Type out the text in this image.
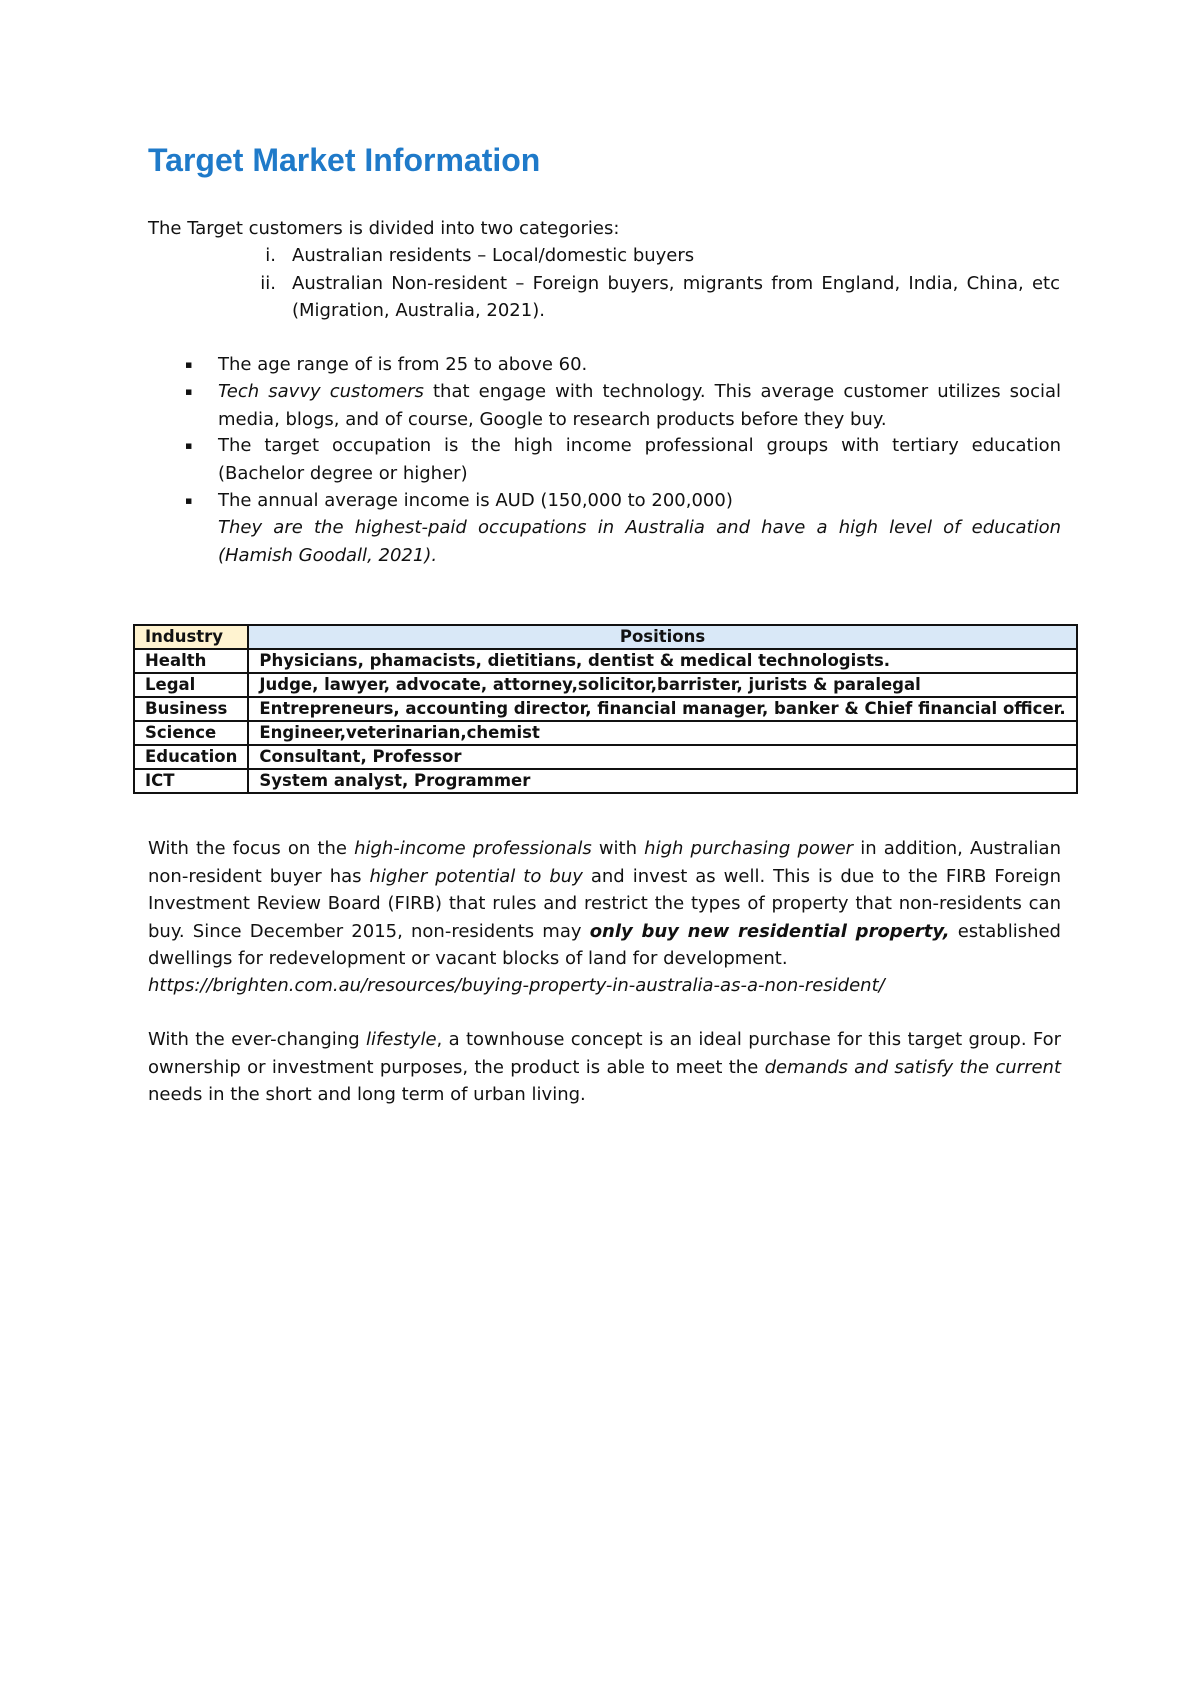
Target Market Information
The Target customers is divided into two categories:
i. Australian residents – Local/domestic buyers
ii. Australian Non-resident – Foreign buyers, migrants from England, India, China, etc
(Migration, Australia, 2021).
▪
The age range of is from 25 to above 60.
▪
Tech savvy customers that engage with technology. This average customer utilizes social media, blogs, and of course, Google to research products before they buy.
▪
The target occupation is the high income professional groups with tertiary education (Bachelor degree or higher)
▪
The annual average income is AUD (150,000 to 200,000)
They are the highest-paid occupations in Australia and have a high level of education (Hamish Goodall, 2021).
Industry	Positions
Health	Physicians, phamacists, dietitians, dentist & medical technologists.
Legal	Judge, lawyer, advocate, attorney,solicitor,barrister, jurists & paralegal
Business	Entrepreneurs, accounting director, financial manager, banker & Chief financial officer.
Science	Engineer,veterinarian,chemist
Education	Consultant, Professor
ICT	System analyst, Programmer
With the focus on the high-income professionals with high purchasing power in addition, Australian non-resident buyer has higher potential to buy and invest as well. This is due to the FIRB Foreign Investment Review Board (FIRB) that rules and restrict the types of property that non-residents can buy. Since December 2015, non-residents may only buy new residential property, established dwellings for redevelopment or vacant blocks of land for development.
https://brighten.com.au/resources/buying-property-in-australia-as-a-non-resident/
With the ever-changing lifestyle, a townhouse concept is an ideal purchase for this target group. For ownership or investment purposes, the product is able to meet the demands and satisfy the current needs in the short and long term of urban living.
